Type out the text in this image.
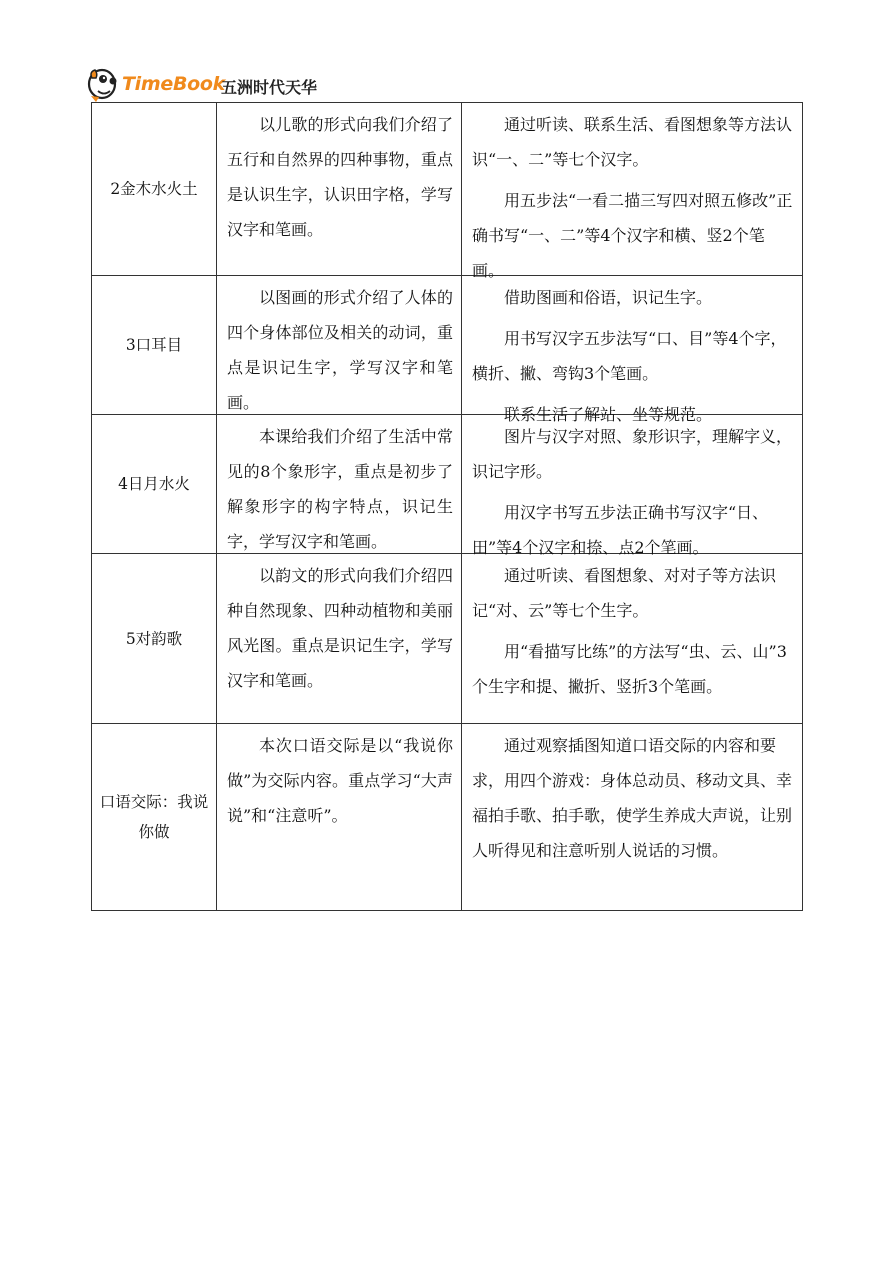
TimeBook
五洲时代天华
2金木水火土	以儿歌的形式向我们介绍了五行和自然界的四种事物，重点是认识生字，认识田字格，学写汉字和笔画。	通过听读、联系生活、看图想象等方法认识“一、二”等七个汉字。

用五步法“一看二描三写四对照五修改”正确书写“一、二”等4个汉字和横、竖2个笔画。

3口耳目	以图画的形式介绍了人体的四个身体部位及相关的动词，重点是识记生字，学写汉字和笔画。	借助图画和俗语，识记生字。

用书写汉字五步法写“口、目”等4个字，横折、撇、弯钩3个笔画。

联系生活了解站、坐等规范。

4日月水火	本课给我们介绍了生活中常见的8个象形字，重点是初步了解象形字的构字特点，识记生字，学写汉字和笔画。	图片与汉字对照、象形识字，理解字义，识记字形。

用汉字书写五步法正确书写汉字“日、田”等4个汉字和捺、点2个笔画。

5对韵歌	以韵文的形式向我们介绍四种自然现象、四种动植物和美丽风光图。重点是识记生字，学写汉字和笔画。	通过听读、看图想象、对对子等方法识记“对、云”等七个生字。

用“看描写比练”的方法写“虫、云、山”3个生字和提、撇折、竖折3个笔画。

口语交际：我说你做	本次口语交际是以“我说你做”为交际内容。重点学习“大声说”和“注意听”。	通过观察插图知道口语交际的内容和要求，用四个游戏：身体总动员、移动文具、幸福拍手歌、拍手歌，使学生养成大声说，让别人听得见和注意听别人说话的习惯。
